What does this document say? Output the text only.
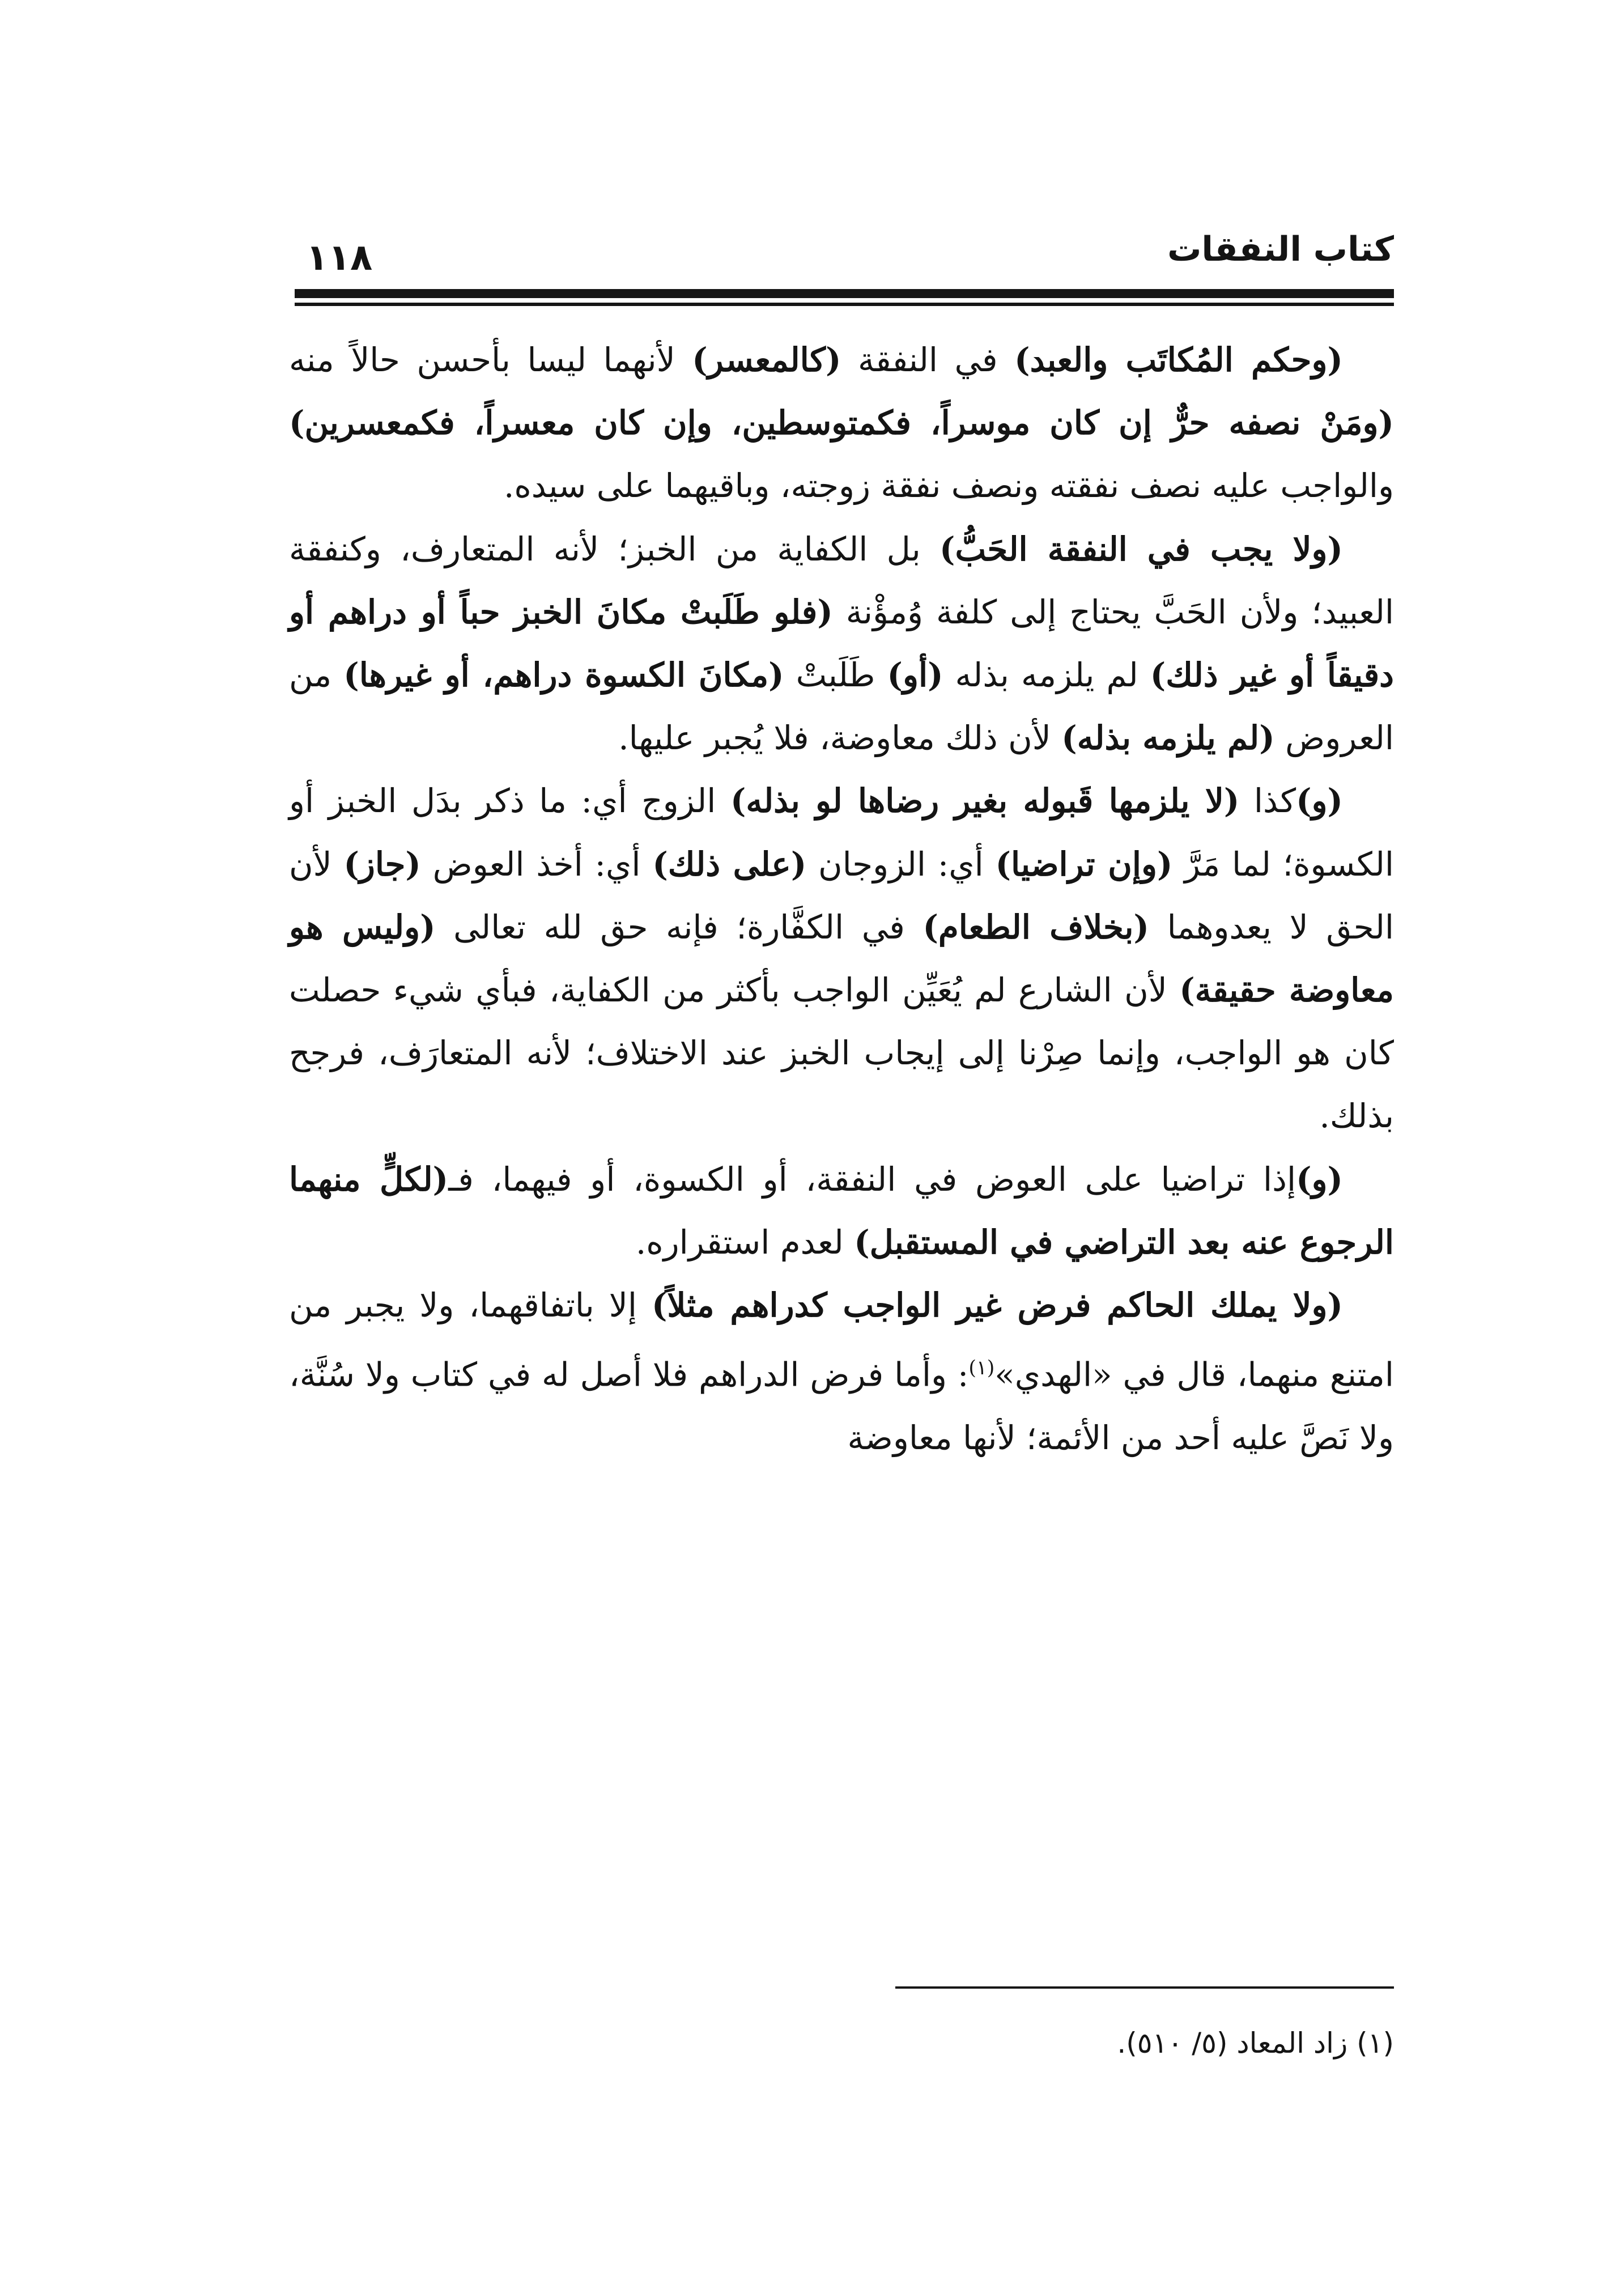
كتاب النفقات
١١٨

(وحكم المُكاتَب والعبد) في النفقة (كالمعسر) لأنهما ليسا بأحسن حالاً منه (ومَنْ نصفه حرٌّ إن كان موسراً، فكمتوسطين، وإن كان معسراً، فكمعسرين) والواجب عليه نصف نفقته ونصف نفقة زوجته، وباقيهما على سيده.

(ولا يجب في النفقة الحَبُّ) بل الكفاية من الخبز؛ لأنه المتعارف، وكنفقة العبيد؛ ولأن الحَبَّ يحتاج إلى كلفة وُمؤْنة (فلو طَلَبتْ مكانَ الخبز حباً أو دراهم أو دقيقاً أو غير ذلك) لم يلزمه بذله (أو) طَلَبتْ (مكانَ الكسوة دراهم، أو غيرها) من العروض (لم يلزمه بذله) لأن ذلك معاوضة، فلا يُجبر عليها.

(و)كذا (لا يلزمها قَبوله بغير رضاها لو بذله) الزوج أي: ما ذكر بدَل الخبز أو الكسوة؛ لما مَرَّ (وإن تراضيا) أي: الزوجان (على ذلك) أي: أخذ العوض (جاز) لأن الحق لا يعدوهما (بخلاف الطعام) في الكفَّارة؛ فإنه حق لله تعالى (وليس هو معاوضة حقيقة) لأن الشارع لم يُعَيِّن الواجب بأكثر من الكفاية، فبأي شيء حصلت كان هو الواجب، وإنما صِرْنا إلى إيجاب الخبز عند الاختلاف؛ لأنه المتعارَف، فرجح بذلك.

(و)إذا تراضيا على العوض في النفقة، أو الكسوة، أو فيهما، فـ(لكلٍّ منهما الرجوع عنه بعد التراضي في المستقبل) لعدم استقراره.

(ولا يملك الحاكم فرض غير الواجب كدراهم مثلاً) إلا باتفاقهما، ولا يجبر من امتنع منهما، قال في «الهدي»$^{(١)}$: وأما فرض الدراهم فلا أصل له في كتاب ولا سُنَّة، ولا نَصَّ عليه أحد من الأئمة؛ لأنها معاوضة

(١) زاد المعاد (٥/ ٥١٠).
